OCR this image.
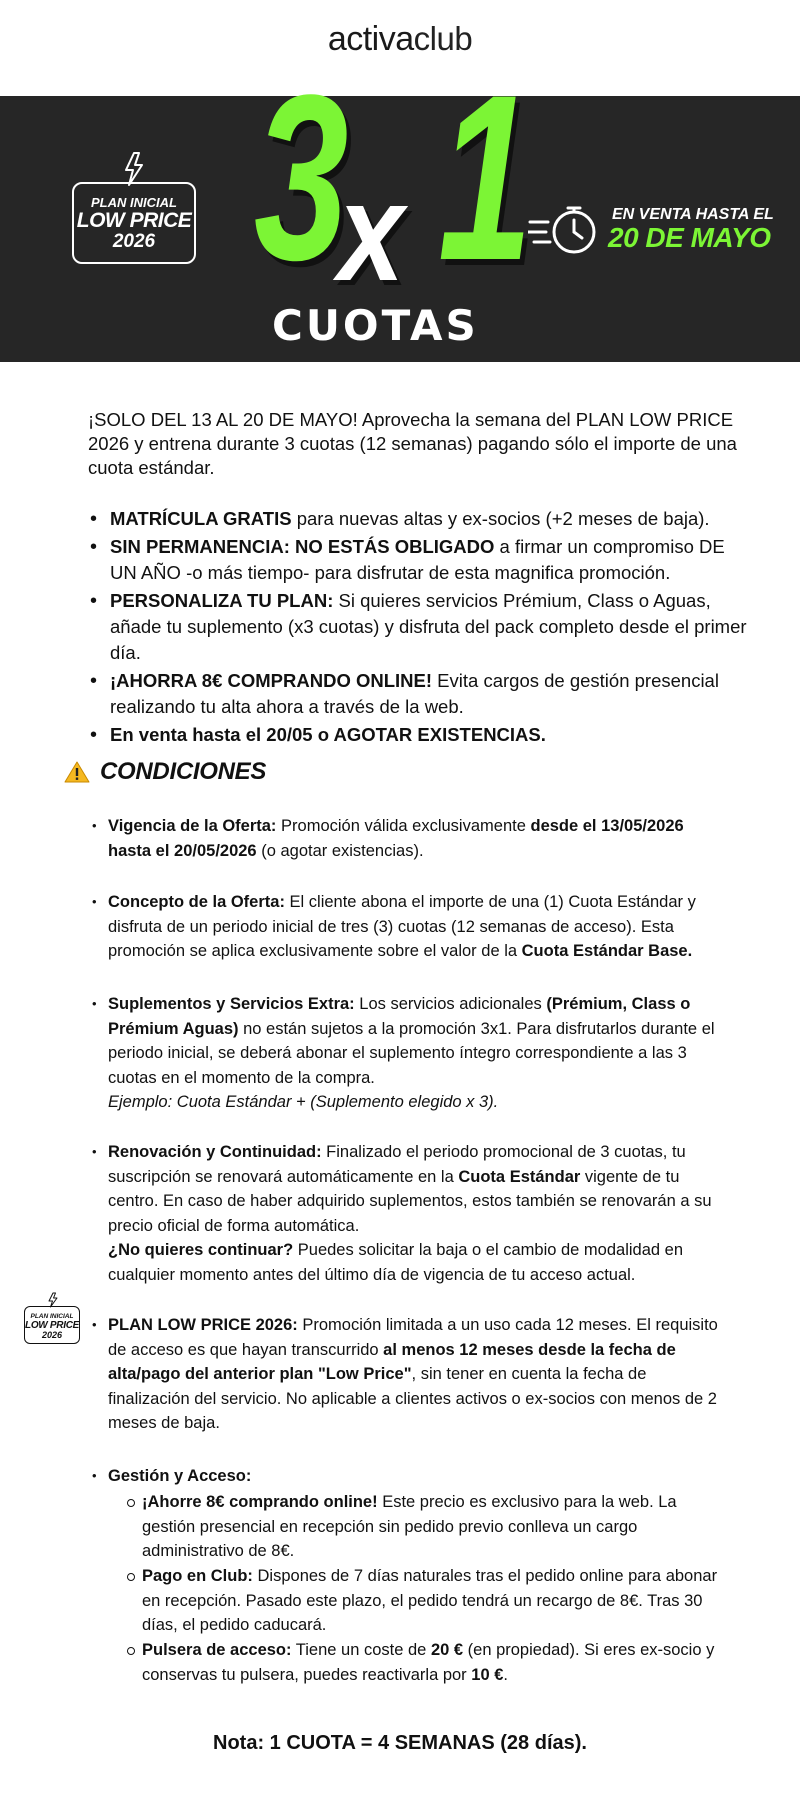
activaclub
PLAN INICIAL
LOW PRICE
2026 3 x 1
CUOTAS
EN VENTA HASTA EL
20 DE MAYO

¡SOLO DEL 13 AL 20 DE MAYO! Aprovecha la semana del PLAN LOW PRICE 2026 y entrena durante 3 cuotas (12 semanas) pagando sólo el importe de una cuota estándar.

• MATRÍCULA GRATIS para nuevas altas y ex-socios (+2 meses de baja).
• SIN PERMANENCIA: NO ESTÁS OBLIGADO a firmar un compromiso DE UN AÑO -o más tiempo- para disfrutar de esta magnifica promoción.
• PERSONALIZA TU PLAN: Si quieres servicios Prémium, Class o Aguas, añade tu suplemento (x3 cuotas) y disfruta del pack completo desde el primer día.
• ¡AHORRA 8€ COMPRANDO ONLINE! Evita cargos de gestión presencial realizando tu alta ahora a través de la web.
• En venta hasta el 20/05 o AGOTAR EXISTENCIAS.
CONDICIONES
• Vigencia de la Oferta: Promoción válida exclusivamente desde el 13/05/2026 hasta el 20/05/2026 (o agotar existencias).
• Concepto de la Oferta: El cliente abona el importe de una (1) Cuota Estándar y disfruta de un periodo inicial de tres (3) cuotas (12 semanas de acceso). Esta promoción se aplica exclusivamente sobre el valor de la Cuota Estándar Base.
• Suplementos y Servicios Extra: Los servicios adicionales (Prémium, Class o Prémium Aguas) no están sujetos a la promoción 3x1. Para disfrutarlos durante el periodo inicial, se deberá abonar el suplemento íntegro correspondiente a las 3 cuotas en el momento de la compra.
Ejemplo: Cuota Estándar + (Suplemento elegido x 3).
• Renovación y Continuidad: Finalizado el periodo promocional de 3 cuotas, tu suscripción se renovará automáticamente en la Cuota Estándar vigente de tu centro. En caso de haber adquirido suplementos, estos también se renovarán a su precio oficial de forma automática.
¿No quieres continuar? Puedes solicitar la baja o el cambio de modalidad en
cualquier momento antes del último día de vigencia de tu acceso actual.
PLAN INICIAL
LOW PRICE
2026
• PLAN LOW PRICE 2026: Promoción limitada a un uso cada 12 meses. El requisito de acceso es que hayan transcurrido al menos 12 meses desde la fecha de alta/pago del anterior plan "Low Price", sin tener en cuenta la fecha de finalización del servicio. No aplicable a clientes activos o ex-socios con menos de 2 meses de baja.
• Gestión y Acceso:
¡Ahorre 8€ comprando online! Este precio es exclusivo para la web. La gestión presencial en recepción sin pedido previo conlleva un cargo administrativo de 8€.
Pago en Club: Dispones de 7 días naturales tras el pedido online para abonar en recepción. Pasado este plazo, el pedido tendrá un recargo de 8€. Tras 30 días, el pedido caducará.
Pulsera de acceso: Tiene un coste de 20 € (en propiedad). Si eres ex-socio y conservas tu pulsera, puedes reactivarla por 10 €.
Nota: 1 CUOTA = 4 SEMANAS (28 días).
